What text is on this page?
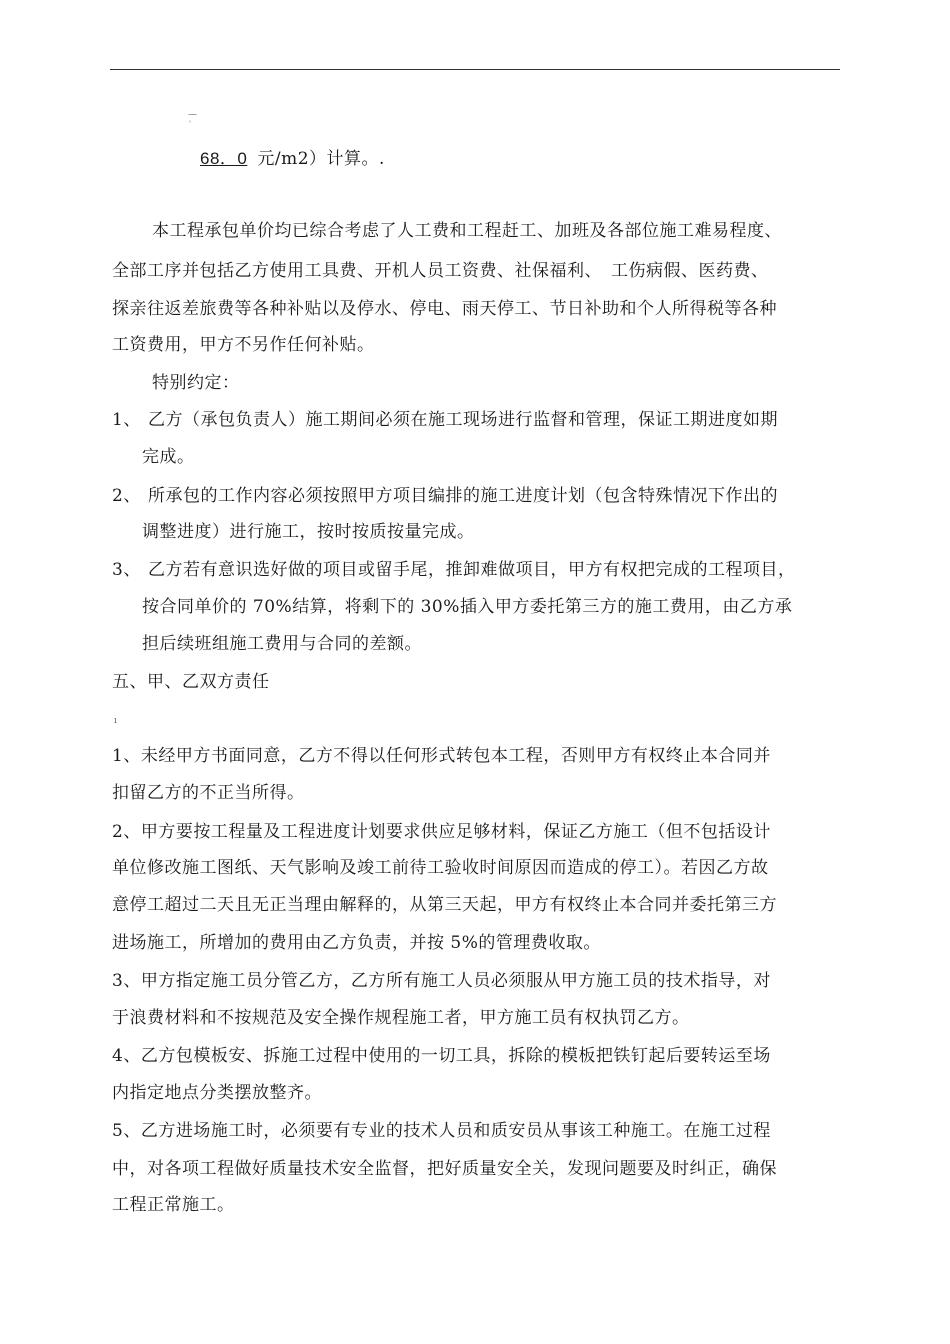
—
'
68．0 元/m2）计算。.
本工程承包单价均已综合考虑了人工费和工程赶工、加班及各部位施工难易程度、
全部工序并包括乙方使用工具费、开机人员工资费、社保福利、　工伤病假、医药费、
探亲往返差旅费等各种补贴以及停水、停电、雨天停工、节日补助和个人所得税等各种
工资费用，甲方不另作任何补贴。
特别约定：
1、 乙方（承包负责人）施工期间必须在施工现场进行监督和管理，保证工期进度如期
完成。
2、 所承包的工作内容必须按照甲方项目编排的施工进度计划（包含特殊情况下作出的
调整进度）进行施工，按时按质按量完成。
3、 乙方若有意识选好做的项目或留手尾，推卸难做项目，甲方有权把完成的工程项目，
按合同单价的 70%结算，将剩下的 30%插入甲方委托第三方的施工费用，由乙方承
担后续班组施工费用与合同的差额。
五、甲、乙双方责任
ı
1、未经甲方书面同意，乙方不得以任何形式转包本工程，否则甲方有权终止本合同并
扣留乙方的不正当所得。
2、甲方要按工程量及工程进度计划要求供应足够材料，保证乙方施工（但不包括设计
单位修改施工图纸、天气影响及竣工前待工验收时间原因而造成的停工）。若因乙方故
意停工超过二天且无正当理由解释的，从第三天起，甲方有权终止本合同并委托第三方
进场施工，所增加的费用由乙方负责，并按 5%的管理费收取。
3、甲方指定施工员分管乙方，乙方所有施工人员必须服从甲方施工员的技术指导，对
于浪费材料和不按规范及安全操作规程施工者，甲方施工员有权执罚乙方。
4、乙方包模板安、拆施工过程中使用的一切工具，拆除的模板把铁钉起后要转运至场
内指定地点分类摆放整齐。
5、乙方进场施工时，必须要有专业的技术人员和质安员从事该工种施工。在施工过程
中，对各项工程做好质量技术安全监督，把好质量安全关，发现问题要及时纠正，确保
工程正常施工。
